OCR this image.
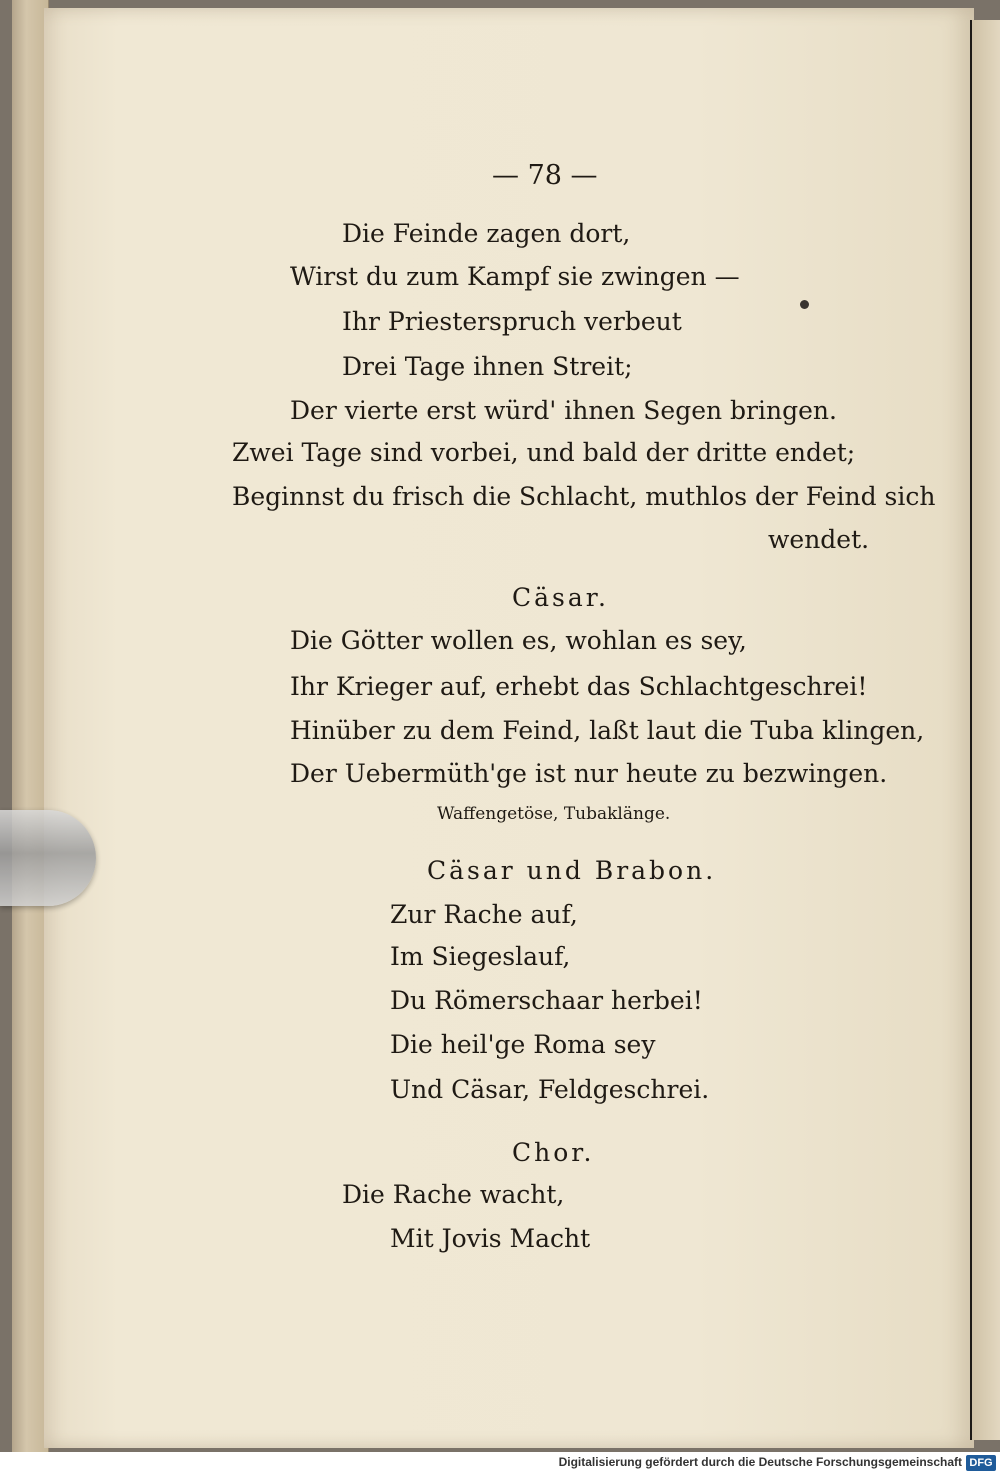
— 78 —
Die Feinde zagen dort,
Wirst du zum Kampf sie zwingen —
Ihr Priesterspruch verbeut
Drei Tage ihnen Streit;
Der vierte erst würd' ihnen Segen bringen.
Zwei Tage sind vorbei, und bald der dritte endet;
Beginnst du frisch die Schlacht, muthlos der Feind sich
wendet.
Cäsar.
Die Götter wollen es, wohlan es sey,
Ihr Krieger auf, erhebt das Schlachtgeschrei!
Hinüber zu dem Feind, laßt laut die Tuba klingen,
Der Uebermüth'ge ist nur heute zu bezwingen.
Waffengetöse, Tubaklänge.
Cäsar und Brabon.
Zur Rache auf,
Im Siegeslauf,
Du Römerschaar herbei!
Die heil'ge Roma sey
Und Cäsar, Feldgeschrei.
Chor.
Die Rache wacht,
Mit Jovis Macht
Digitalisierung gefördert durch die Deutsche Forschungsgemeinschaft DFG
